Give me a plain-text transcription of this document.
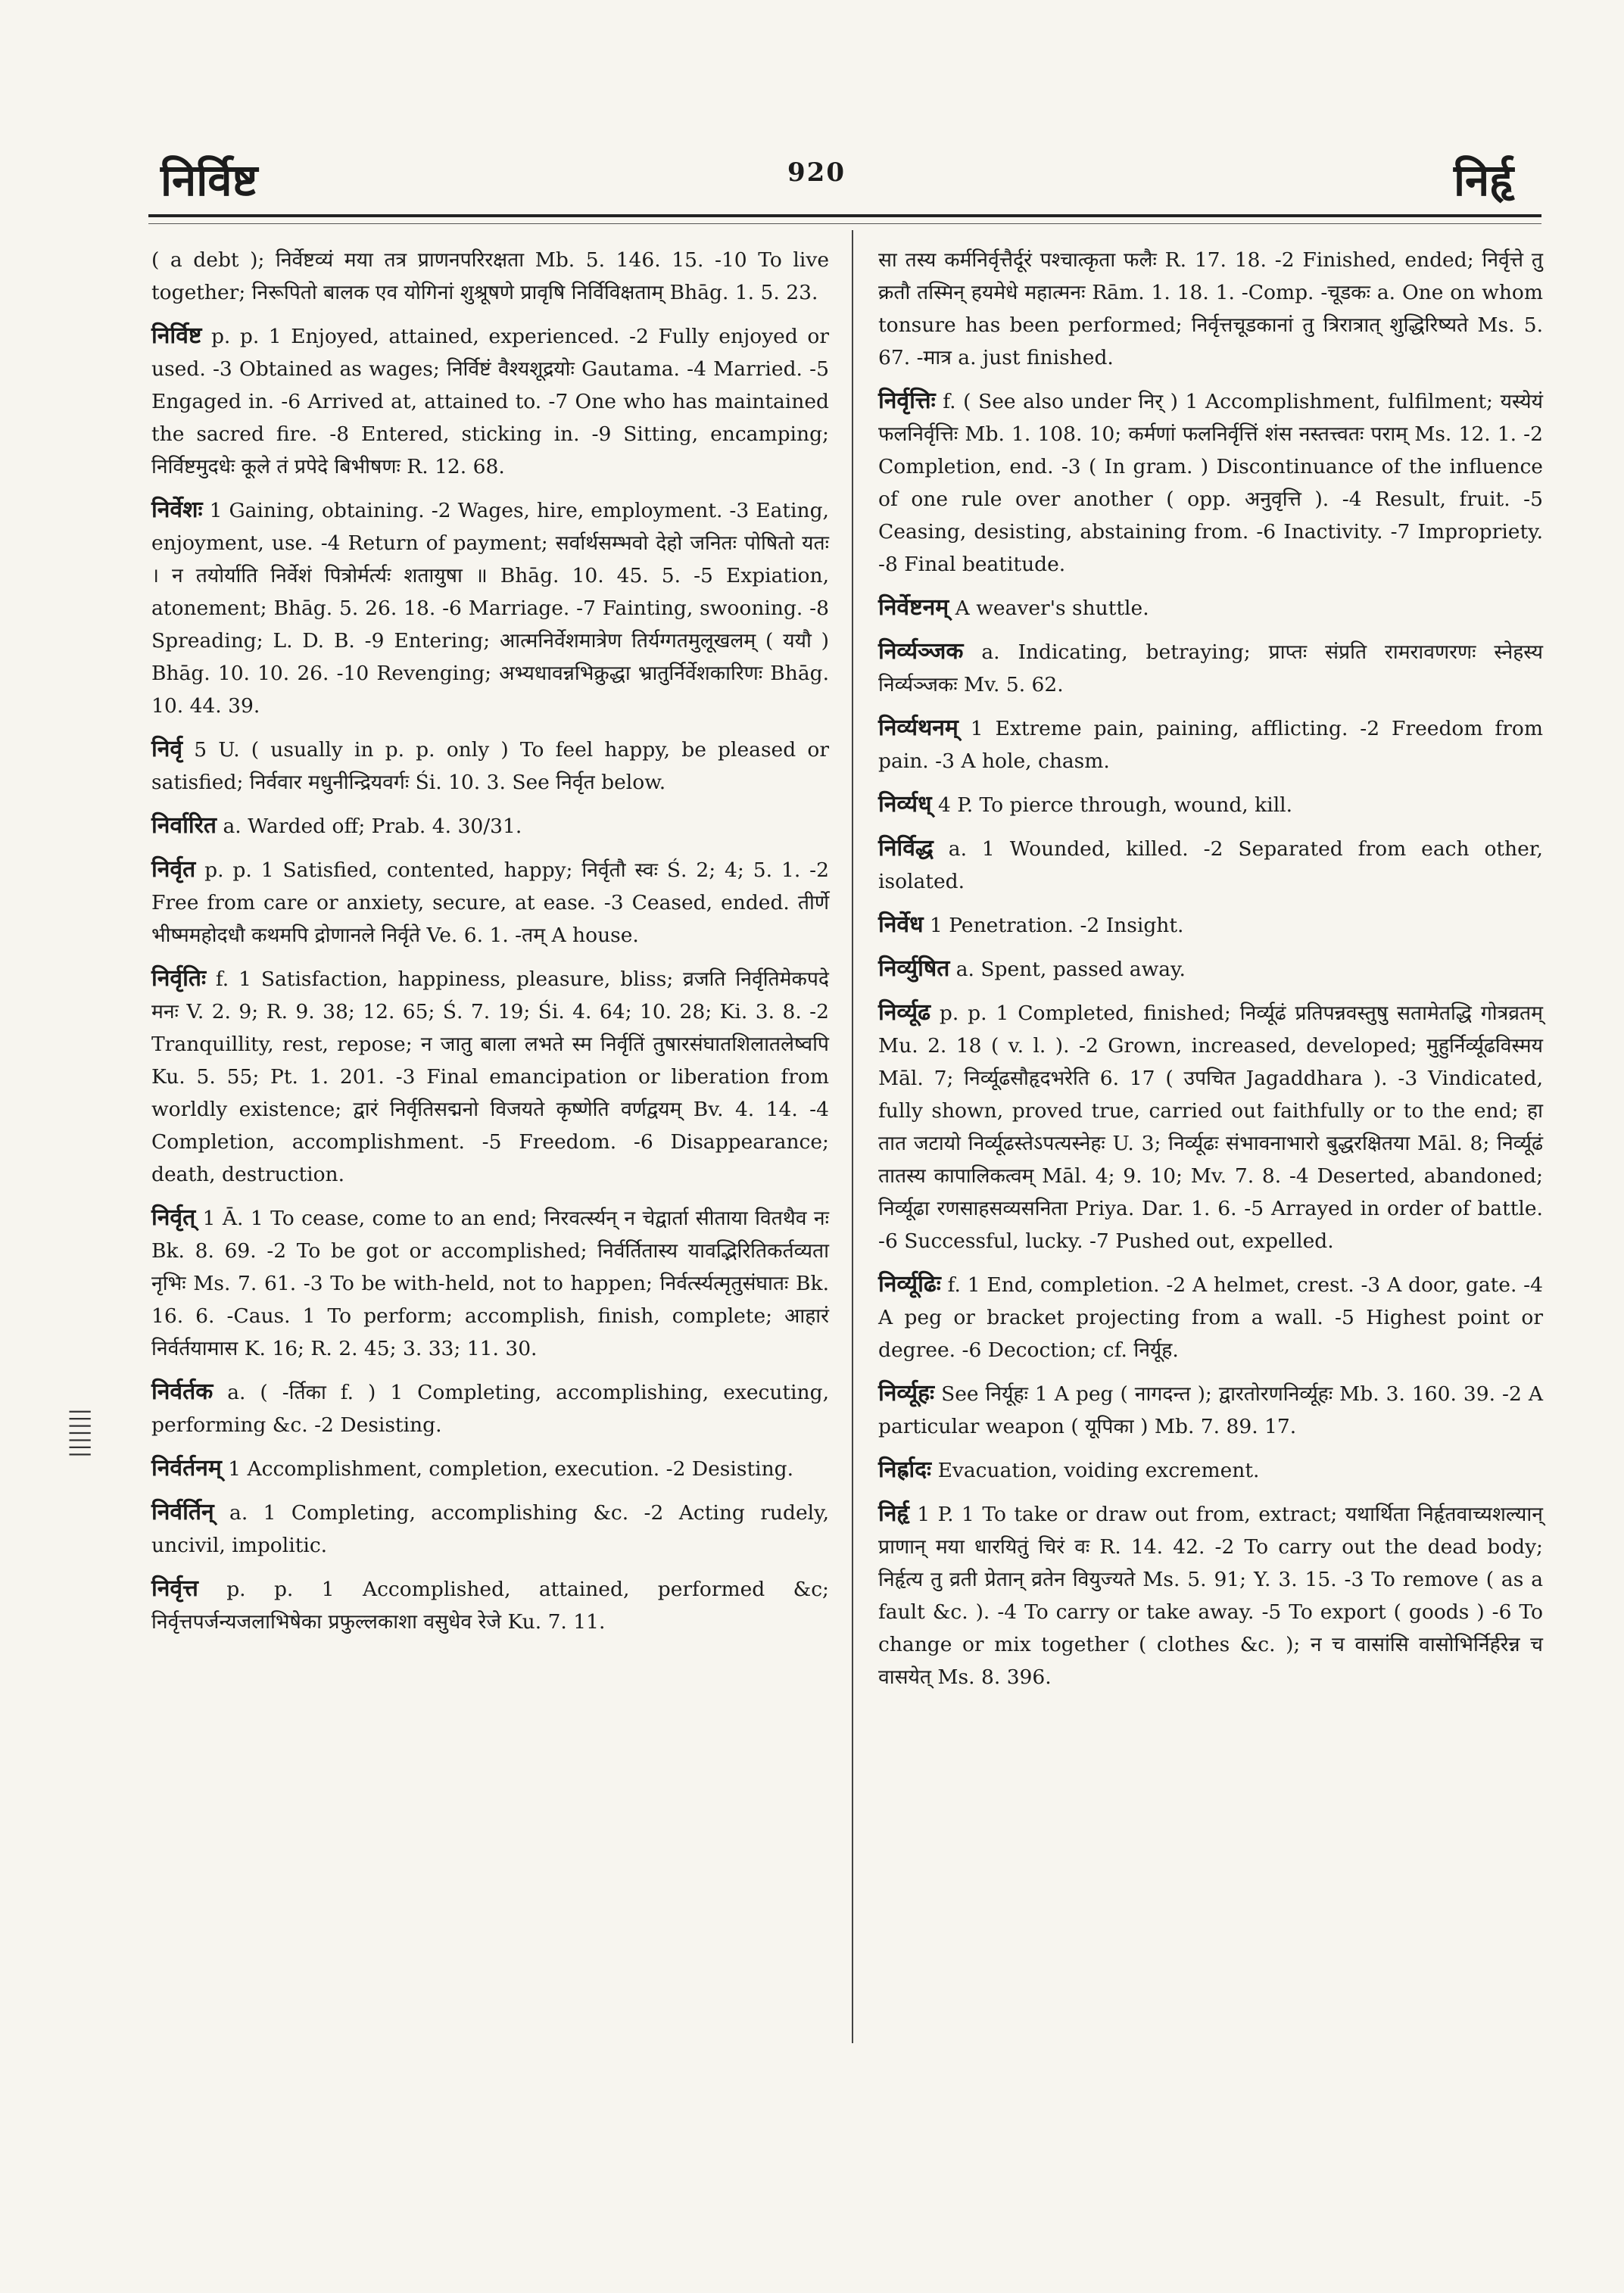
निर्विष्ट	920	निर्हृ

( a debt ); निर्वेष्टव्यं मया तत्र प्राणनपरिरक्षता Mb. 5. 146. 15. -10 To live together; निरूपितो बालक एव योगिनां शुश्रूषणे प्रावृषि निर्विविक्षताम् Bhāg. 1. 5. 23.

निर्विष्ट p. p. 1 Enjoyed, attained, experienced. -2 Fully enjoyed or used. -3 Obtained as wages; निर्विष्टं वैश्यशूद्रयोः Gautama. -4 Married. -5 Engaged in. -6 Arrived at, attained to. -7 One who has maintained the sacred fire. -8 Entered, sticking in. -9 Sitting, encamping; निर्विष्टमुदधेः कूले तं प्रपेदे बिभीषणः R. 12. 68.

निर्वेशः 1 Gaining, obtaining. -2 Wages, hire, employment. -3 Eating, enjoyment, use. -4 Return of payment; सर्वार्थसम्भवो देहो जनितः पोषितो यतः । न तयोर्याति निर्वेशं पित्रोर्मर्त्यः शतायुषा ॥ Bhāg. 10. 45. 5. -5 Expiation, atonement; Bhāg. 5. 26. 18. -6 Marriage. -7 Fainting, swooning. -8 Spreading; L. D. B. -9 Entering; आत्मनिर्वेशमात्रेण तिर्यग्गतमुलूखलम् ( ययौ ) Bhāg. 10. 10. 26. -10 Revenging; अभ्यधावन्नभिक्रुद्धा भ्रातुर्निर्वेशकारिणः Bhāg. 10. 44. 39.

निर्वृ 5 U. ( usually in p. p. only ) To feel happy, be pleased or satisfied; निर्ववार मधुनीन्द्रियवर्गः Śi. 10. 3. See निर्वृत below.

निर्वारित a. Warded off; Prab. 4. 30/31.

निर्वृत p. p. 1 Satisfied, contented, happy; निर्वृतौ स्वः Ś. 2; 4; 5. 1. -2 Free from care or anxiety, secure, at ease. -3 Ceased, ended. तीर्णे भीष्ममहोदधौ कथमपि द्रोणानले निर्वृते Ve. 6. 1. -तम् A house.

निर्वृतिः f. 1 Satisfaction, happiness, pleasure, bliss; व्रजति निर्वृतिमेकपदे मनः V. 2. 9; R. 9. 38; 12. 65; Ś. 7. 19; Śi. 4. 64; 10. 28; Ki. 3. 8. -2 Tranquillity, rest, repose; न जातु बाला लभते स्म निर्वृतिं तुषारसंघातशिलातलेष्वपि Ku. 5. 55; Pt. 1. 201. -3 Final emancipation or liberation from worldly existence; द्वारं निर्वृतिसद्मनो विजयते कृष्णेति वर्णद्वयम् Bv. 4. 14. -4 Completion, accomplishment. -5 Freedom. -6 Disappearance; death, destruction.

निर्वृत् 1 Ā. 1 To cease, come to an end; निरवर्त्स्यन् न चेद्वार्ता सीताया वितथैव नः Bk. 8. 69. -2 To be got or accomplished; निर्वर्तितास्य यावद्भिरितिकर्तव्यता नृभिः Ms. 7. 61. -3 To be with-held, not to happen; निर्वर्त्स्यत्मृतुसंघातः Bk. 16. 6. -Caus. 1 To perform; accomplish, finish, complete; आहारं निर्वर्तयामास K. 16; R. 2. 45; 3. 33; 11. 30.

निर्वर्तक a. ( -र्तिका f. ) 1 Completing, accomplishing, executing, performing &c. -2 Desisting.

निर्वर्तनम् 1 Accomplishment, completion, execution. -2 Desisting.

निर्वर्तिन् a. 1 Completing, accomplishing &c. -2 Acting rudely, uncivil, impolitic.

निर्वृत्त p. p. 1 Accomplished, attained, performed &c; निर्वृत्तपर्जन्यजलाभिषेका प्रफुल्लकाशा वसुधेव रेजे Ku. 7. 11.

सा तस्य कर्मनिर्वृत्तैर्दूरं पश्चात्कृता फलैः R. 17. 18. -2 Finished, ended; निर्वृत्ते तु क्रतौ तस्मिन् हयमेधे महात्मनः Rām. 1. 18. 1. -Comp. -चूडकः a. One on whom tonsure has been performed; निर्वृत्तचूडकानां तु त्रिरात्रात् शुद्धिरिष्यते Ms. 5. 67. -मात्र a. just finished.

निर्वृत्तिः f. ( See also under निर् ) 1 Accomplishment, fulfilment; यस्येयं फलनिर्वृत्तिः Mb. 1. 108. 10; कर्मणां फलनिर्वृत्तिं शंस नस्तत्त्वतः पराम् Ms. 12. 1. -2 Completion, end. -3 ( In gram. ) Discontinuance of the influence of one rule over another ( opp. अनुवृत्ति ). -4 Result, fruit. -5 Ceasing, desisting, abstaining from. -6 Inactivity. -7 Impropriety. -8 Final beatitude.

निर्वेष्टनम् A weaver's shuttle.

निर्व्यञ्जक a. Indicating, betraying; प्राप्तः संप्रति रामरावणरणः स्नेहस्य निर्व्यञ्जकः Mv. 5. 62.

निर्व्यथनम् 1 Extreme pain, paining, afflicting. -2 Freedom from pain. -3 A hole, chasm.

निर्व्यध् 4 P. To pierce through, wound, kill.

निर्विद्ध a. 1 Wounded, killed. -2 Separated from each other, isolated.

निर्वेध 1 Penetration. -2 Insight.

निर्व्युषित a. Spent, passed away.

निर्व्यूढ p. p. 1 Completed, finished; निर्व्यूढं प्रतिपन्नवस्तुषु सतामेतद्धि गोत्रव्रतम् Mu. 2. 18 ( v. l. ). -2 Grown, increased, developed; मुहुर्निर्व्यूढविस्मय Māl. 7; निर्व्यूढसौहृदभरेति 6. 17 ( उपचित Jagaddhara ). -3 Vindicated, fully shown, proved true, carried out faithfully or to the end; हा तात जटायो निर्व्यूढस्तेऽपत्यस्नेहः U. 3; निर्व्यूढः संभावनाभारो बुद्धरक्षितया Māl. 8; निर्व्यूढं तातस्य कापालिकत्वम् Māl. 4; 9. 10; Mv. 7. 8. -4 Deserted, abandoned; निर्व्यूढा रणसाहसव्यसनिता Priya. Dar. 1. 6. -5 Arrayed in order of battle. -6 Successful, lucky. -7 Pushed out, expelled.

निर्व्यूढिः f. 1 End, completion. -2 A helmet, crest. -3 A door, gate. -4 A peg or bracket projecting from a wall. -5 Highest point or degree. -6 Decoction; cf. निर्यूह.

निर्व्यूहः See निर्यूहः 1 A peg ( नागदन्त ); द्वारतोरणनिर्व्यूहः Mb. 3. 160. 39. -2 A particular weapon ( यूपिका ) Mb. 7. 89. 17.

निर्ह्रादः Evacuation, voiding excrement.

निर्हृ 1 P. 1 To take or draw out from, extract; यथार्थिता निर्हृतवाच्यशल्यान् प्राणान् मया धारयितुं चिरं वः R. 14. 42. -2 To carry out the dead body; निर्हृत्य तु व्रती प्रेतान् व्रतेन वियुज्यते Ms. 5. 91; Y. 3. 15. -3 To remove ( as a fault &c. ). -4 To carry or take away. -5 To export ( goods ) -6 To change or mix together ( clothes &c. ); न च वासांसि वासोभिर्निर्हरेन्न च वासयेत् Ms. 8. 396.

|||||||
